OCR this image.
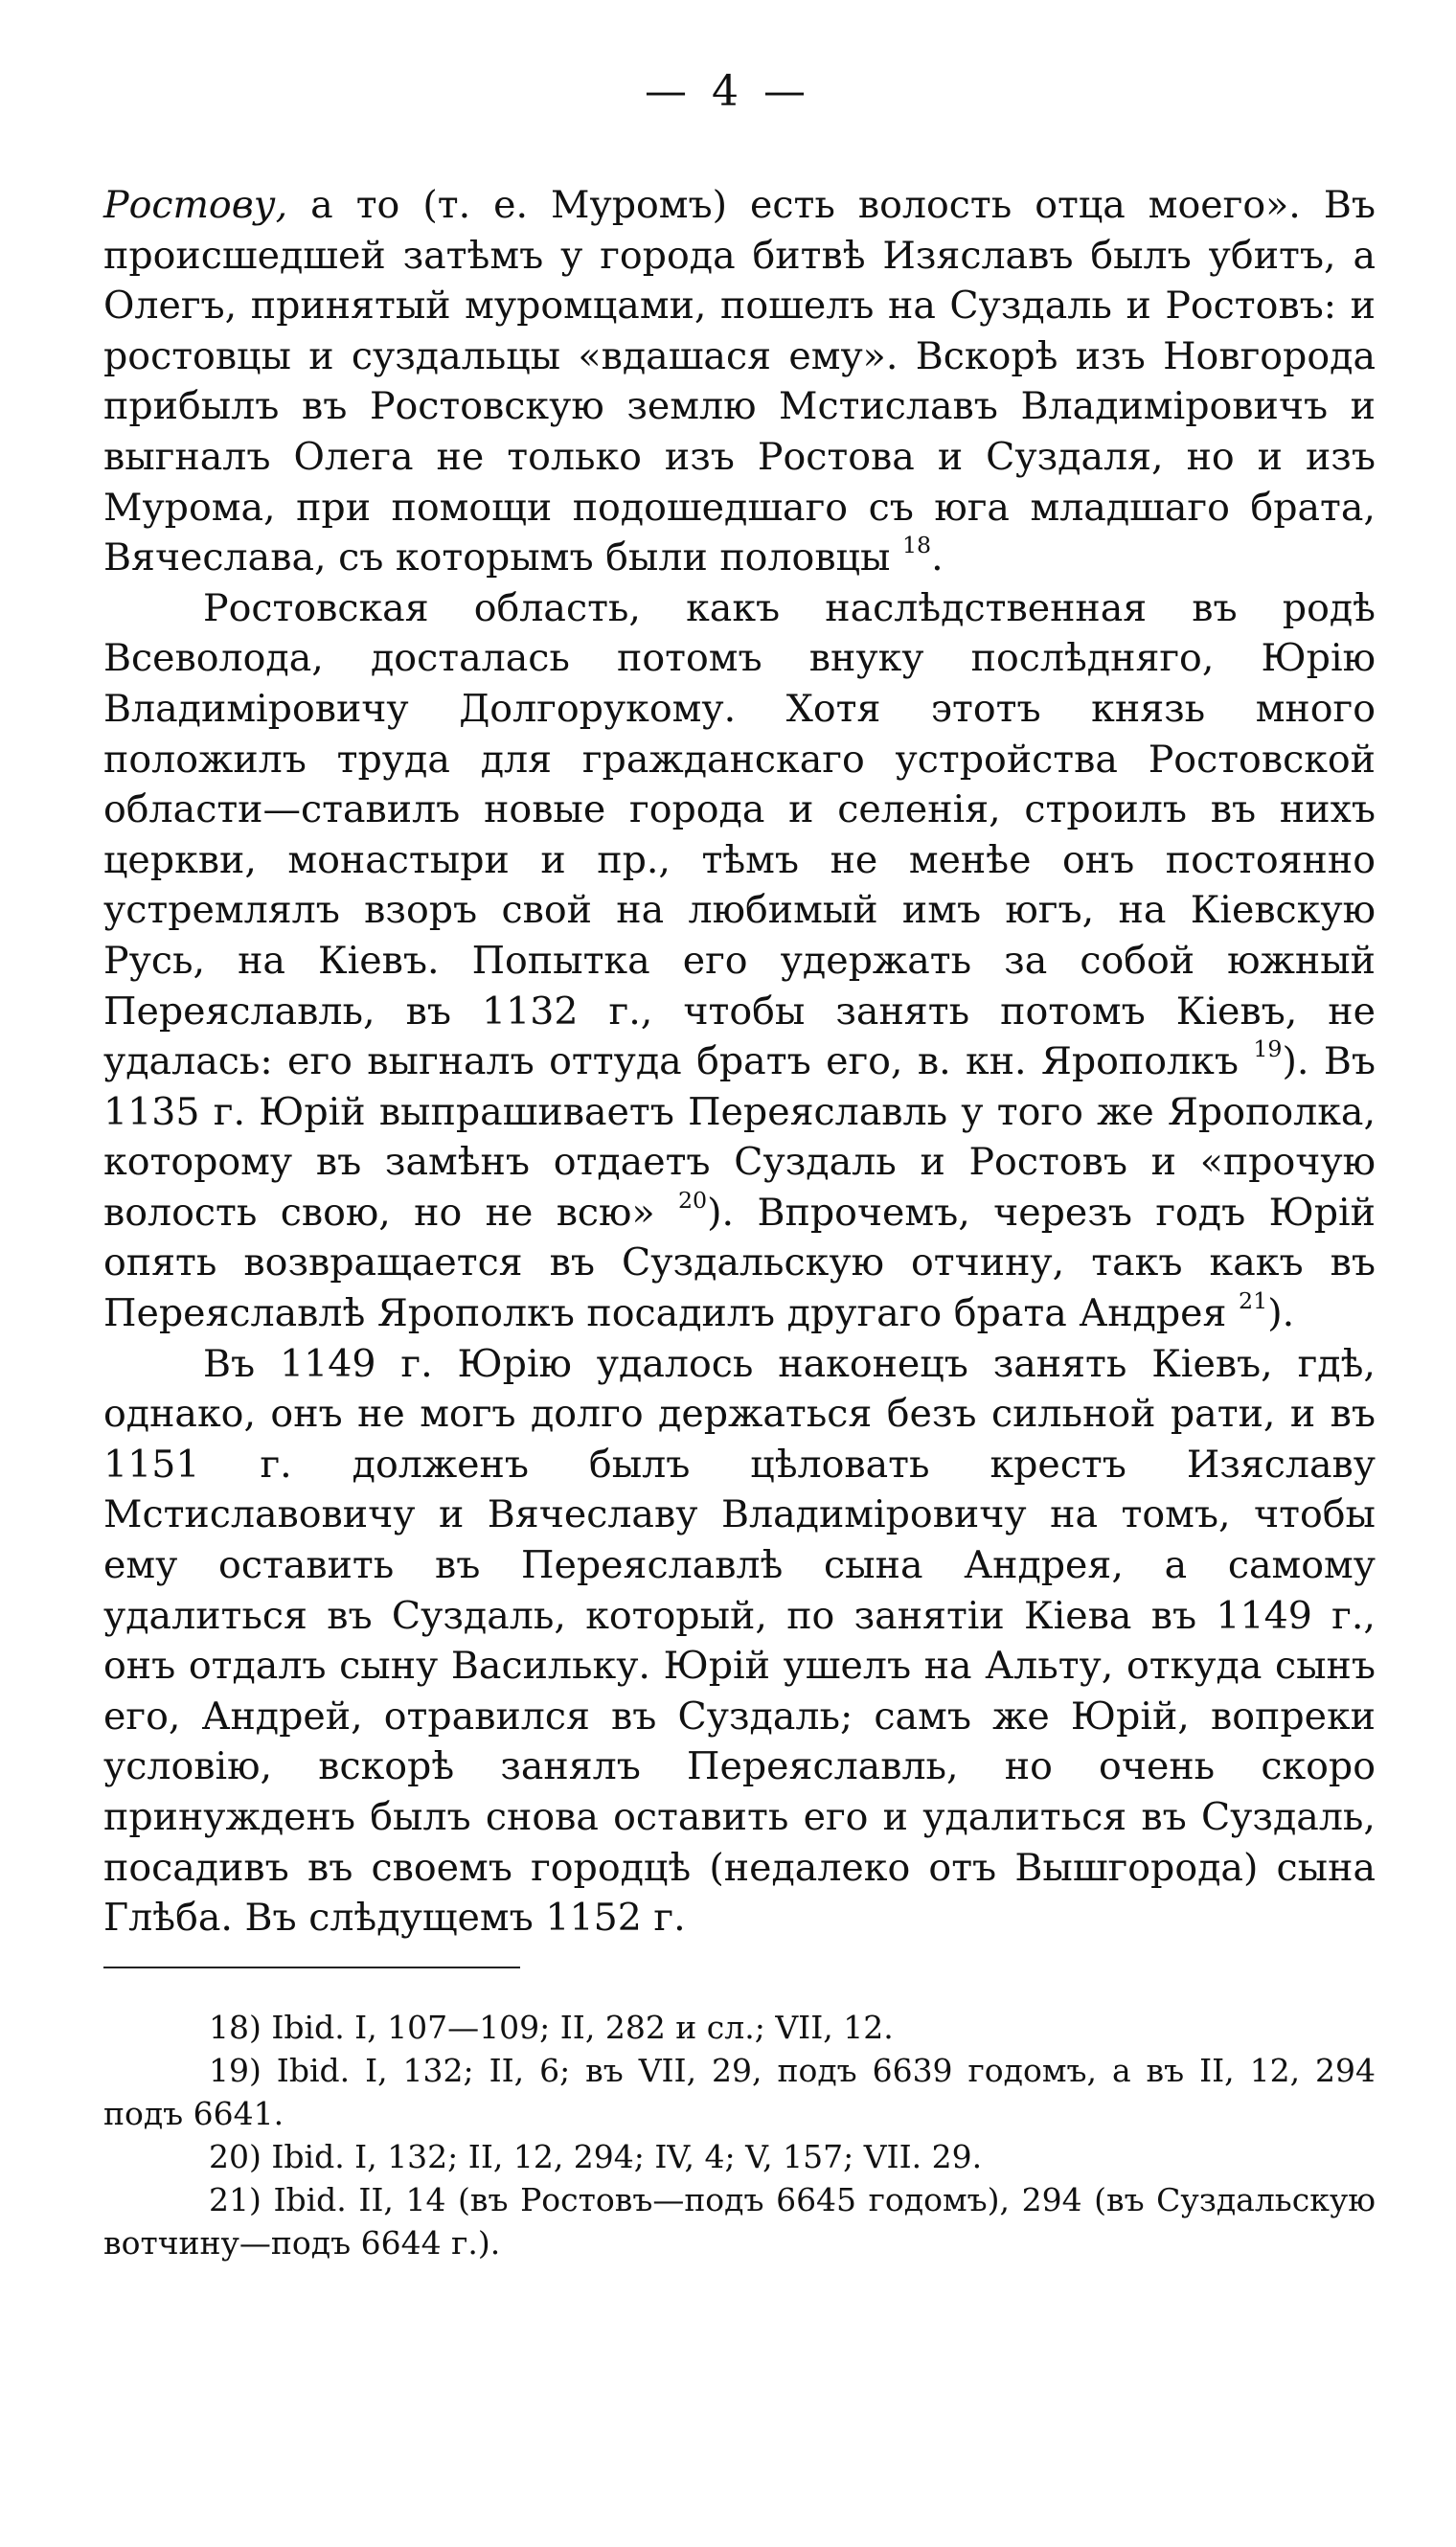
— 4 —

Ростову, а то (т. е. Муромъ) есть волость отца моего». Въ происшедшей затѣмъ у города битвѣ Изяславъ былъ убитъ, а Олегъ, принятый муромцами, пошелъ на Суздаль и Ростовъ: и ростовцы и суздальцы «вдашася ему». Вскорѣ изъ Новгорода прибылъ въ Ростовскую землю Мстиславъ Владиміровичъ и выгналъ Олега не только изъ Ростова и Суздаля, но и изъ Мурома, при помощи подошедшаго съ юга младшаго брата, Вячеслава, съ которымъ были половцы $^{18}$.

Ростовская область, какъ наслѣдственная въ родѣ Всеволода, досталась потомъ внуку послѣдняго, Юрію Владиміровичу Долгорукому. Хотя этотъ князь много положилъ труда для гражданскаго устройства Ростовской области—ставилъ новые города и селенія, строилъ въ нихъ церкви, монастыри и пр., тѣмъ не менѣе онъ постоянно устремлялъ взоръ свой на любимый имъ югъ, на Кіевскую Русь, на Кіевъ. Попытка его удержать за собой южный Переяславль, въ 1132 г., чтобы занять потомъ Кіевъ, не удалась: его выгналъ оттуда братъ его, в. кн. Ярополкъ $^{19}$). Въ 1135 г. Юрій выпрашиваетъ Переяславль у того же Ярополка, которому въ замѣнъ отдаетъ Суздаль и Ростовъ и «прочую волость свою, но не всю» $^{20}$). Впрочемъ, черезъ годъ Юрій опять возвращается въ Суздальскую отчину, такъ какъ въ Переяславлѣ Ярополкъ посадилъ другаго брата Андрея $^{21}$).

Въ 1149 г. Юрію удалось наконецъ занять Кіевъ, гдѣ, однако, онъ не могъ долго держаться безъ сильной рати, и въ 1151 г. долженъ былъ цѣловать крестъ Изяславу Мстиславовичу и Вячеславу Владиміровичу на томъ, чтобы ему оставить въ Переяславлѣ сына Андрея, а самому удалиться въ Суздаль, который, по занятіи Кіева въ 1149 г., онъ отдалъ сыну Васильку. Юрій ушелъ на Альту, откуда сынъ его, Андрей, отравился въ Суздаль; самъ же Юрій, вопреки условію, вскорѣ занялъ Переяславль, но очень скоро принужденъ былъ снова оставить его и удалиться въ Суздаль, посадивъ въ своемъ городцѣ (недалеко отъ Вышгорода) сына Глѣба. Въ слѣдущемъ 1152 г.

18) Ibid. I, 107—109; II, 282 и сл.; VII, 12.

19) Ibid. I, 132; II, 6; въ VII, 29, подъ 6639 годомъ, а въ II, 12, 294 подъ 6641.

20) Ibid. I, 132; II, 12, 294; IV, 4; V, 157; VII. 29.

21) Ibid. II, 14 (въ Ростовъ—подъ 6645 годомъ), 294 (въ Суздальскую вотчину—подъ 6644 г.).
